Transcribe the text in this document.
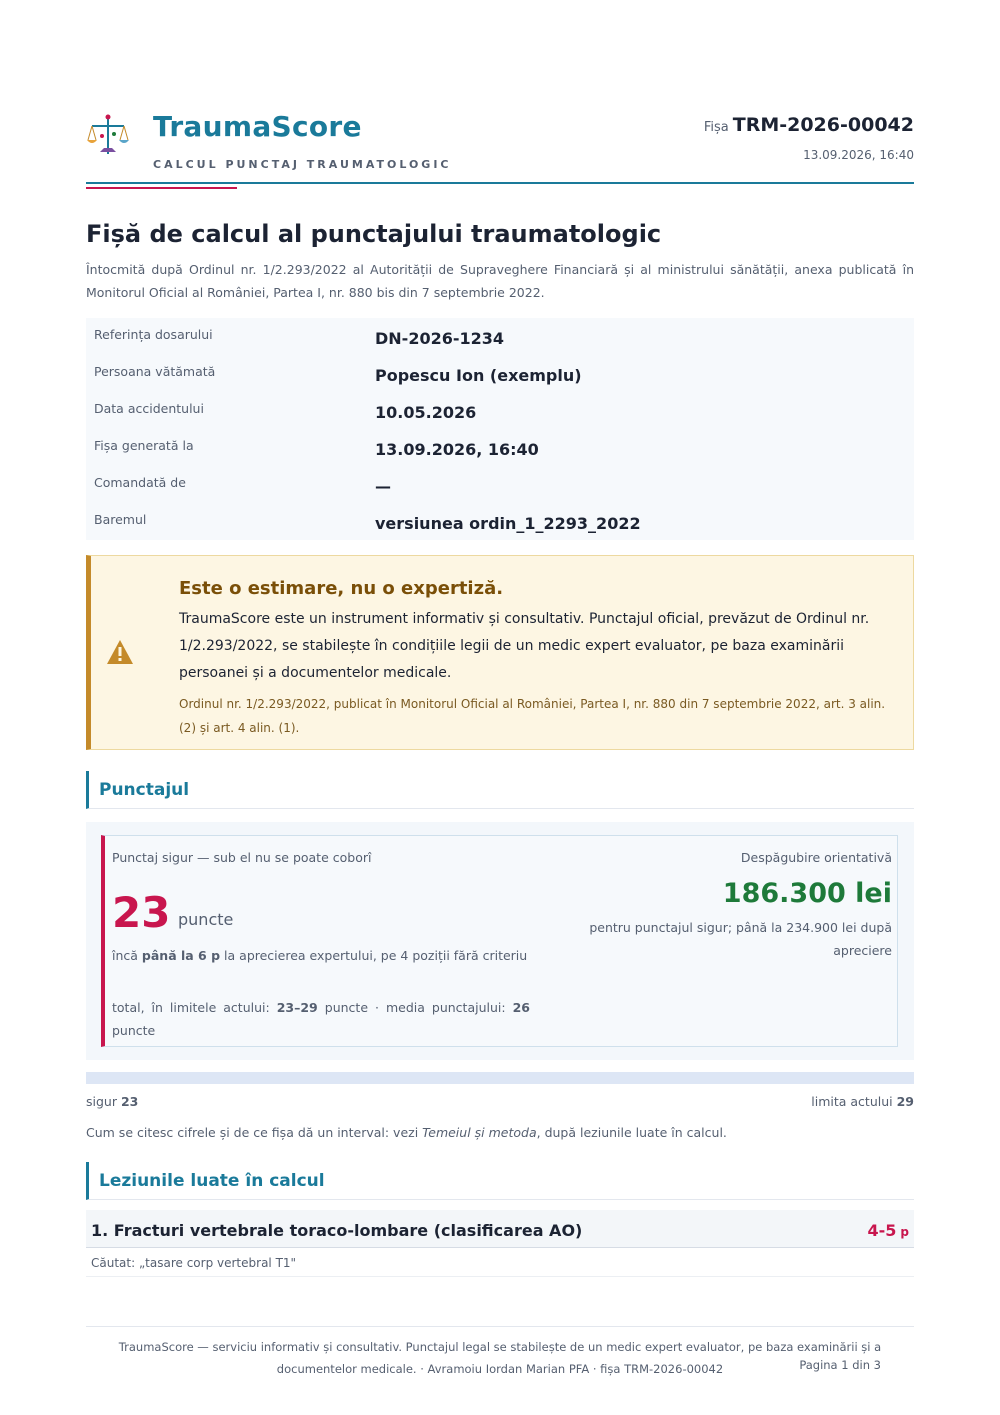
TraumaScore
CALCUL PUNCTAJ TRAUMATOLOGIC
Fișa TRM-2026-00042
13.09.2026, 16:40
Fișă de calcul al punctajului traumatologic

Întocmită după Ordinul nr. 1/2.293/2022 al Autorității de Supraveghere Financiară și al ministrului sănătății, anexa publicată în Monitorul Oficial al României, Partea I, nr. 880 bis din 7 septembrie 2022.

Referința dosarului	DN-2026-1234
Persoana vătămată	Popescu Ion (exemplu)
Data accidentului	10.05.2026
Fișa generată la	13.09.2026, 16:40
Comandată de	—
Baremul	versiunea ordin_1_2293_2022
Este o estimare, nu o expertiză.
TraumaScore este un instrument informativ și consultativ. Punctajul oficial, prevăzut de Ordinul nr. 1/2.293/2022, se stabilește în condițiile legii de un medic expert evaluator, pe baza examinării persoanei și a documentelor medicale.
Ordinul nr. 1/2.293/2022, publicat în Monitorul Oficial al României, Partea I, nr. 880 din 7 septembrie 2022, art. 3 alin. (2) și art. 4 alin. (1).
Punctajul
Punctaj sigur — sub el nu se poate coborî
23 puncte
încă până la 6 p la aprecierea expertului, pe 4 poziții fără criteriu
total, în limitele actului: 23–29 puncte · media punctajului: 26 puncte
Despăgubire orientativă
186.300 lei
pentru punctajul sigur; până la 234.900 lei după apreciere
sigur 23	limita actului 29
Cum se citesc cifrele și de ce fișa dă un interval: vezi Temeiul și metoda, după leziunile luate în calcul.
Leziunile luate în calcul
1. Fracturi vertebrale toraco-lombare (clasificarea AO)	4-5 p
Căutat: „tasare corp vertebral T1"
TraumaScore — serviciu informativ și consultativ. Punctajul legal se stabilește de un medic expert evaluator, pe baza examinării și a documentelor medicale. · Avramoiu Iordan Marian PFA · fișa TRM-2026-00042	Pagina 1 din 3
